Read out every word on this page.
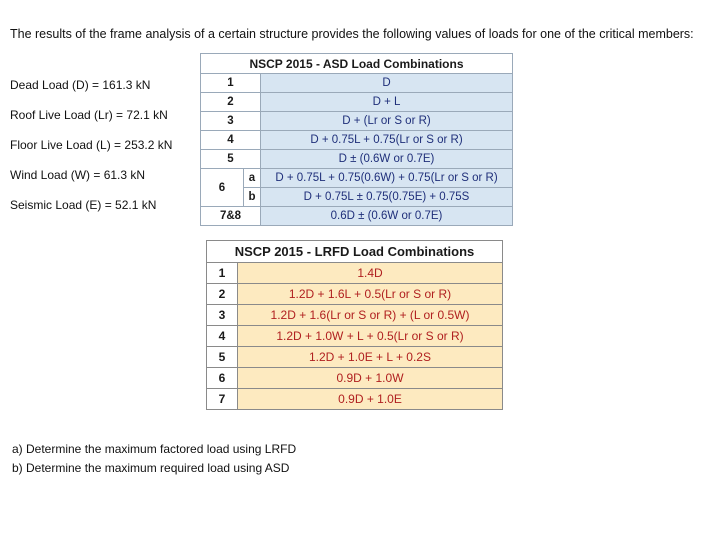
The results of the frame analysis of a certain structure provides the following values of loads for one of the critical members:
Dead Load (D) = 161.3 kN
Roof Live Load (Lr) = 72.1 kN
Floor Live Load (L) = 253.2 kN
Wind Load (W) = 61.3 kN
Seismic Load (E) = 52.1 kN
NSCP 2015 - ASD Load Combinations		
1		D
2		D + L
3		D + (Lr or S or R)
4		D + 0.75L + 0.75(Lr or S or R)
5		D ± (0.6W or 0.7E)
6	a	D + 0.75L + 0.75(0.6W) + 0.75(Lr or S or R)
	b	D + 0.75L ± 0.75(0.75E) + 0.75S
7&8		0.6D ± (0.6W or 0.7E)
NSCP 2015 - LRFD Load Combinations	
1	1.4D
2	1.2D + 1.6L + 0.5(Lr or S or R)
3	1.2D + 1.6(Lr or S or R) + (L or 0.5W)
4	1.2D + 1.0W + L + 0.5(Lr or S or R)
5	1.2D + 1.0E + L + 0.2S
6	0.9D + 1.0W
7	0.9D + 1.0E
a) Determine the maximum factored load using LRFD
b) Determine the maximum required load using ASD
